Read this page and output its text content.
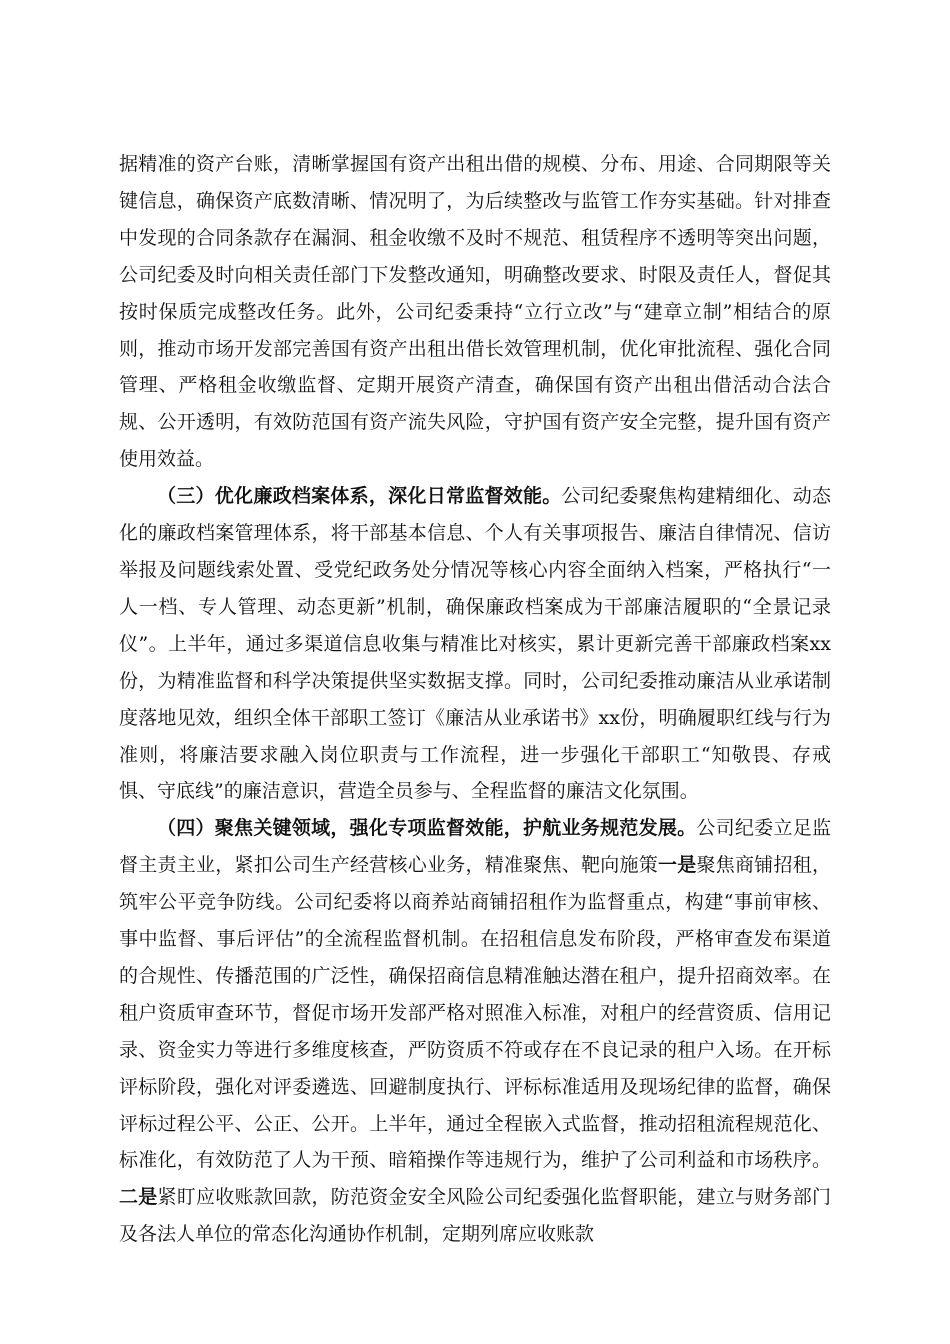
据精准的资产台账，清晰掌握国有资产出租出借的规模、分布、用途、合同期限等关键信息，确保资产底数清晰、情况明了，为后续整改与监管工作夯实基础。针对排查中发现的合同条款存在漏洞、租金收缴不及时不规范、租赁程序不透明等突出问题，公司纪委及时向相关责任部门下发整改通知，明确整改要求、时限及责任人，督促其按时保质完成整改任务。此外，公司纪委秉持“立行立改”与“建章立制”相结合的原则，推动市场开发部完善国有资产出租出借长效管理机制，优化审批流程、强化合同管理、严格租金收缴监督、定期开展资产清查，确保国有资产出租出借活动合法合规、公开透明，有效防范国有资产流失风险，守护国有资产安全完整，提升国有资产使用效益。

（三）优化廉政档案体系，深化日常监督效能。公司纪委聚焦构建精细化、动态化的廉政档案管理体系，将干部基本信息、个人有关事项报告、廉洁自律情况、信访举报及问题线索处置、受党纪政务处分情况等核心内容全面纳入档案，严格执行“一人一档、专人管理、动态更新”机制，确保廉政档案成为干部廉洁履职的“全景记录仪”。上半年，通过多渠道信息收集与精准比对核实，累计更新完善干部廉政档案xx份，为精准监督和科学决策提供坚实数据支撑。同时，公司纪委推动廉洁从业承诺制度落地见效，组织全体干部职工签订《廉洁从业承诺书》xx份，明确履职红线与行为准则，将廉洁要求融入岗位职责与工作流程，进一步强化干部职工“知敬畏、存戒惧、守底线”的廉洁意识，营造全员参与、全程监督的廉洁文化氛围。

（四）聚焦关键领域，强化专项监督效能，护航业务规范发展。公司纪委立足监督主责主业，紧扣公司生产经营核心业务，精准聚焦、靶向施策一是聚焦商铺招租，筑牢公平竞争防线。公司纪委将以商养站商铺招租作为监督重点，构建“事前审核、事中监督、事后评估”的全流程监督机制。在招租信息发布阶段，严格审查发布渠道的合规性、传播范围的广泛性，确保招商信息精准触达潜在租户，提升招商效率。在租户资质审查环节，督促市场开发部严格对照准入标准，对租户的经营资质、信用记录、资金实力等进行多维度核查，严防资质不符或存在不良记录的租户入场。在开标评标阶段，强化对评委遴选、回避制度执行、评标标准适用及现场纪律的监督，确保评标过程公平、公正、公开。上半年，通过全程嵌入式监督，推动招租流程规范化、标准化，有效防范了人为干预、暗箱操作等违规行为，维护了公司利益和市场秩序。二是紧盯应收账款回款，防范资金安全风险公司纪委强化监督职能，建立与财务部门及各法人单位的常态化沟通协作机制，定期列席应收账款
